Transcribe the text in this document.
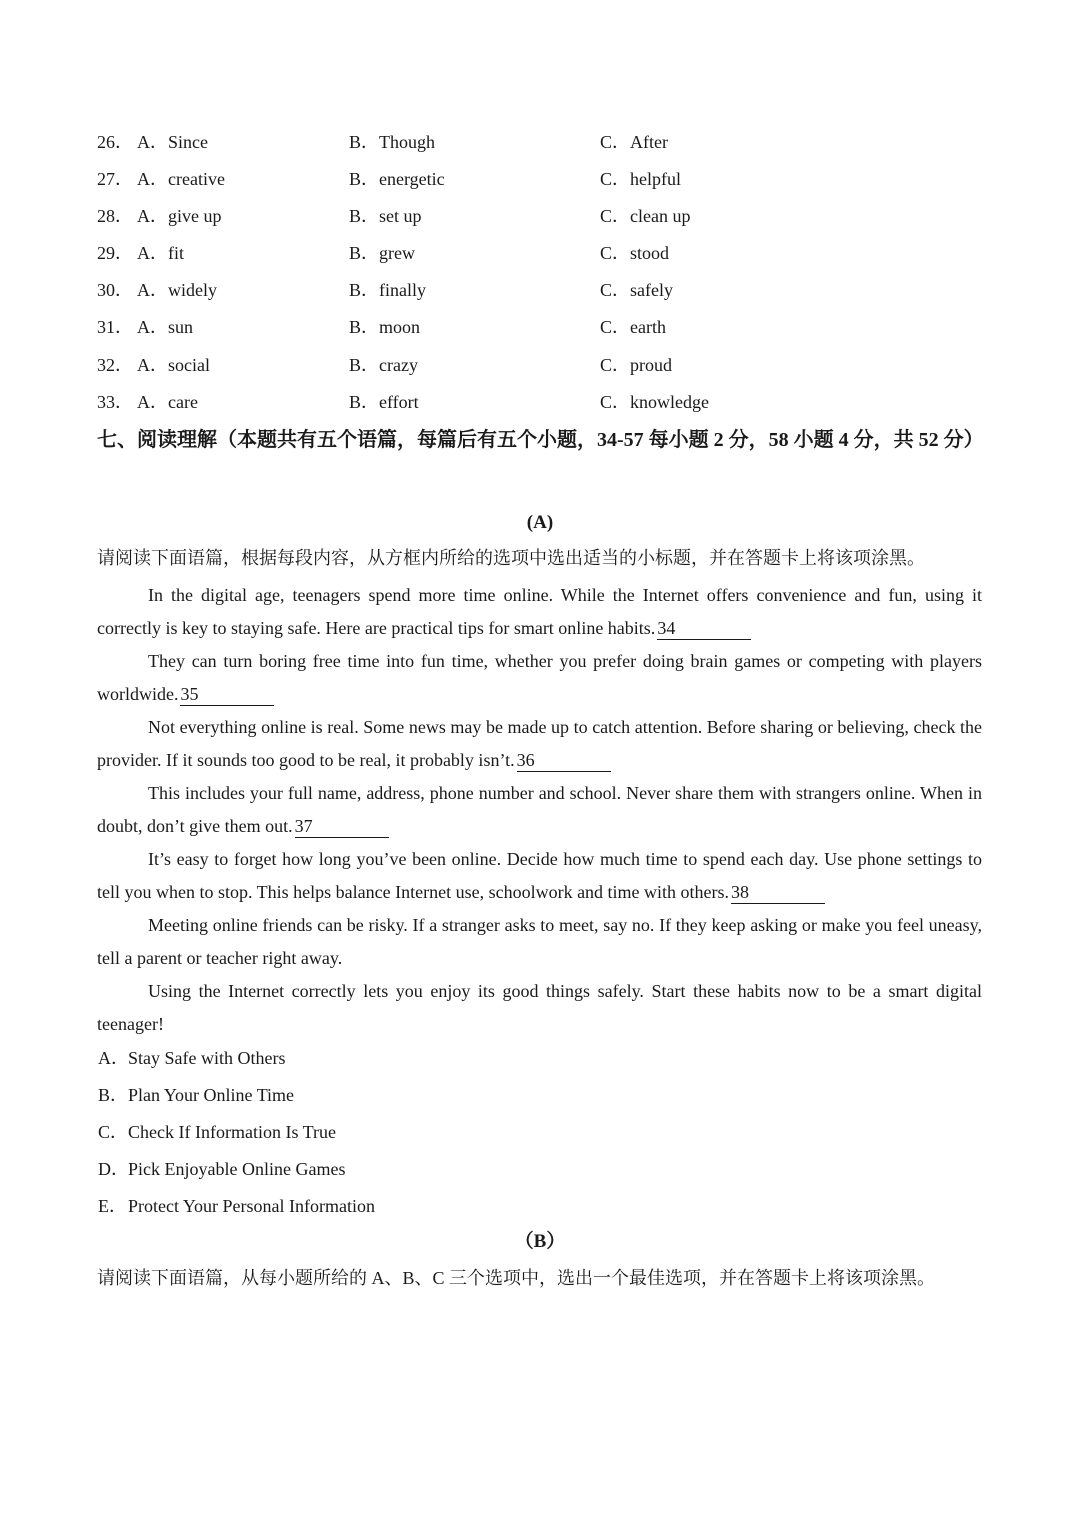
26． A．Since	B．Though	C．After
27． A．creative	B．energetic	C．helpful
28． A．give up	B．set up	C．clean up
29． A．fit	B．grew	C．stood
30． A．widely	B．finally	C．safely
31． A．sun	B．moon	C．earth
32． A．social	B．crazy	C．proud
33． A．care	B．effort	C．knowledge
七、阅读理解（本题共有五个语篇，每篇后有五个小题，34-57 每小题 2 分，58 小题 4 分，共 52 分）
(A)

请阅读下面语篇，根据每段内容，从方框内所给的选项中选出适当的小标题，并在答题卡上将该项涂黑。

In the digital age, teenagers spend more time online. While the Internet offers convenience and fun, using it correctly is key to staying safe. Here are practical tips for smart online habits. 34

They can turn boring free time into fun time, whether you prefer doing brain games or competing with players worldwide. 35

Not everything online is real. Some news may be made up to catch attention. Before sharing or believing, check the provider. If it sounds too good to be real, it probably isn’t. 36

This includes your full name, address, phone number and school. Never share them with strangers online. When in doubt, don’t give them out. 37

It’s easy to forget how long you’ve been online. Decide how much time to spend each day. Use phone settings to tell you when to stop. This helps balance Internet use, schoolwork and time with others. 38

Meeting online friends can be risky. If a stranger asks to meet, say no. If they keep asking or make you feel uneasy, tell a parent or teacher right away.

Using the Internet correctly lets you enjoy its good things safely. Start these habits now to be a smart digital teenager!

A．Stay Safe with Others

B．Plan Your Online Time

C．Check If Information Is True

D．Pick Enjoyable Online Games

E．Protect Your Personal Information

（B）

请阅读下面语篇，从每小题所给的 A、B、C 三个选项中，选出一个最佳选项，并在答题卡上将该项涂黑。
